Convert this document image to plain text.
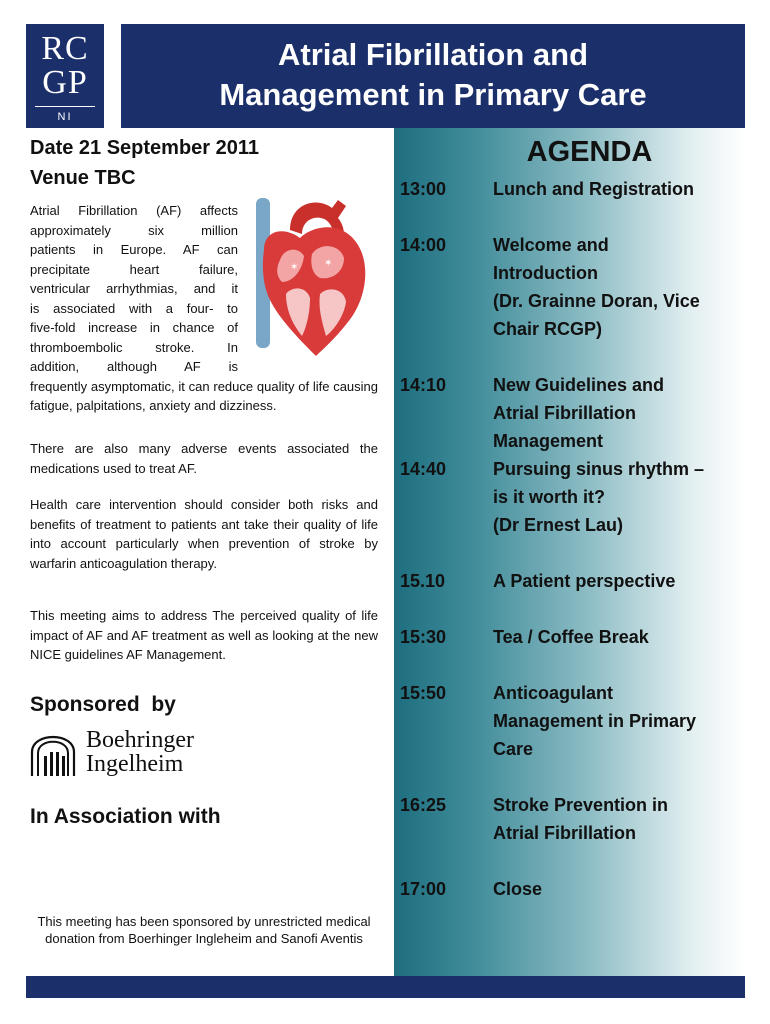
RC
GP
NI
Atrial Fibrillation and
Management in Primary Care
Date 21 September 2011
Venue TBC
Atrial Fibrillation (AF) affects
approximately six million
patients in Europe. AF can
precipitate heart failure,
ventricular arrhythmias, and it
is associated with a four- to
five-fold increase in chance of
thromboembolic stroke. In
addition, although AF is
frequently asymptomatic, it can reduce quality of life causing fatigue, palpitations, anxiety and dizziness.
✶	✶
There are also many adverse events associated the medications used to treat AF.
Health care intervention should consider both risks and benefits of treatment to patients ant take their quality of life into account particularly when prevention of stroke by warfarin anticoagulation therapy.
This meeting aims to address The perceived quality of life impact of AF and AF treatment as well as looking at the new NICE guidelines AF Management.
Sponsored  by
Boehringer
Ingelheim
In Association with
This meeting has been sponsored by unrestricted medical donation from Boerhinger Ingleheim and Sanofi Aventis
AGENDA
13:00	Lunch and Registration
14:00	Welcome and
Introduction
(Dr. Grainne Doran, Vice
Chair RCGP)
14:10	New Guidelines and
Atrial Fibrillation
Management
14:40	Pursuing sinus rhythm –
is it worth it?
(Dr Ernest Lau)
15.10	A Patient perspective
15:30	Tea / Coffee Break
15:50	Anticoagulant
Management in Primary
Care
16:25	Stroke Prevention in
Atrial Fibrillation
17:00	Close
